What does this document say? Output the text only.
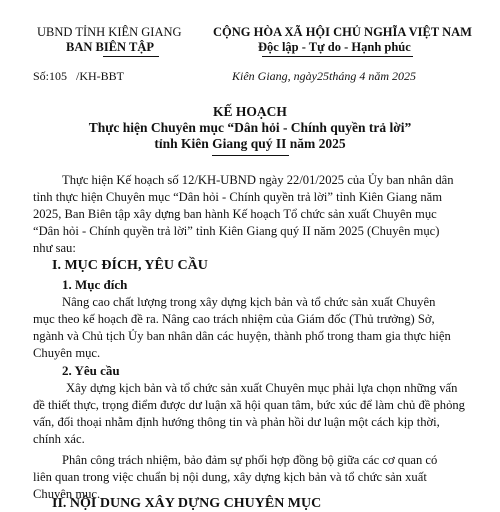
UBND TỈNH KIÊN GIANG
BAN BIÊN TẬP
Số:105 /KH-BBT
CỘNG HÒA XÃ HỘI CHỦ NGHĨA VIỆT NAM
Độc lập - Tự do - Hạnh phúc
Kiên Giang, ngày25tháng 4 năm 2025
KẾ HOẠCH
Thực hiện Chuyên mục “Dân hỏi - Chính quyền trả lời”
tỉnh Kiên Giang quý II năm 2025
Thực hiện Kế hoạch số 12/KH-UBND ngày 22/01/2025 của Ủy ban nhân dân
tỉnh thực hiện Chuyên mục “Dân hỏi - Chính quyền trả lời” tỉnh Kiên Giang năm
2025, Ban Biên tập xây dựng ban hành Kế hoạch Tổ chức sản xuất Chuyên mục
“Dân hỏi - Chính quyền trả lời” tỉnh Kiên Giang quý II năm 2025 (Chuyên mục)
như sau:
I. MỤC ĐÍCH, YÊU CẦU
1. Mục đích
Nâng cao chất lượng trong xây dựng kịch bản và tổ chức sản xuất Chuyên
mục theo kế hoạch đề ra. Nâng cao trách nhiệm của Giám đốc (Thủ trưởng) Sở,
ngành và Chủ tịch Ủy ban nhân dân các huyện, thành phố trong tham gia thực hiện
Chuyên mục.
2. Yêu cầu
Xây dựng kịch bản và tổ chức sản xuất Chuyên mục phải lựa chọn những vấn
đề thiết thực, trọng điểm được dư luận xã hội quan tâm, bức xúc để làm chủ đề phỏng
vấn, đối thoại nhằm định hướng thông tin và phản hồi dư luận một cách kịp thời,
chính xác.
Phân công trách nhiệm, bảo đảm sự phối hợp đồng bộ giữa các cơ quan có
liên quan trong việc chuẩn bị nội dung, xây dựng kịch bản và tổ chức sản xuất
Chuyên mục.
II. NỘI DUNG XÂY DỰNG CHUYÊN MỤC
